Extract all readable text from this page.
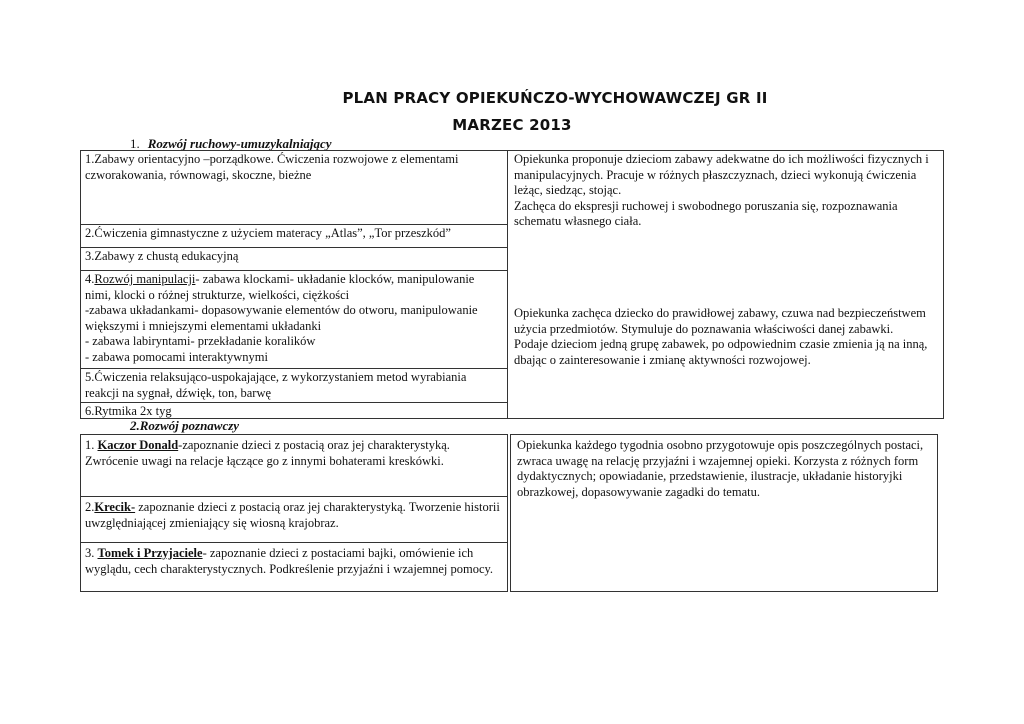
PLAN PRACY OPIEKUŃCZO-WYCHOWAWCZEJ GR II
MARZEC 2013
1. Rozwój ruchowy-umuzykalniający
1.Zabawy orientacyjno –porządkowe. Ćwiczenia rozwojowe z elementami czworakowania, równowagi, skoczne, bieżne
2.Ćwiczenia gimnastyczne z użyciem materacy „Atlas”, „Tor przeszkód”
3.Zabawy z chustą edukacyjną
4.Rozwój manipulacji- zabawa klockami- układanie klocków, manipulowanie nimi, klocki o różnej strukturze, wielkości, ciężkości
-zabawa układankami- dopasowywanie elementów do otworu, manipulowanie większymi i mniejszymi elementami układanki
- zabawa labiryntami- przekładanie koralików
- zabawa pomocami interaktywnymi
5.Ćwiczenia relaksująco-uspokajające, z wykorzystaniem metod wyrabiania reakcji na sygnał, dźwięk, ton, barwę
6.Rytmika 2x tyg
Opiekunka proponuje dzieciom zabawy adekwatne do ich możliwości fizycznych i manipulacyjnych. Pracuje w różnych płaszczyznach, dzieci wykonują ćwiczenia leżąc, siedząc, stojąc.
Zachęca do ekspresji ruchowej i swobodnego poruszania się, rozpoznawania schematu własnego ciała.
Opiekunka zachęca dziecko do prawidłowej zabawy, czuwa nad bezpieczeństwem użycia przedmiotów. Stymuluje do poznawania właściwości danej zabawki.
Podaje dzieciom jedną grupę zabawek, po odpowiednim czasie zmienia ją na inną, dbając o zainteresowanie i zmianę aktywności rozwojowej.
2.Rozwój poznawczy
1. Kaczor Donald-zapoznanie dzieci z postacią oraz jej charakterystyką. Zwrócenie uwagi na relacje łączące go z innymi bohaterami kreskówki.
2.Krecik- zapoznanie dzieci z postacią oraz jej charakterystyką. Tworzenie historii uwzględniającej zmieniający się wiosną krajobraz.
3. Tomek i Przyjaciele- zapoznanie dzieci z postaciami bajki, omówienie ich wyglądu, cech charakterystycznych. Podkreślenie przyjaźni i wzajemnej pomocy.
Opiekunka każdego tygodnia osobno przygotowuje opis poszczególnych postaci, zwraca uwagę na relację przyjaźni i wzajemnej opieki. Korzysta z różnych form dydaktycznych; opowiadanie, przedstawienie, ilustracje, układanie historyjki obrazkowej, dopasowywanie zagadki do tematu.
